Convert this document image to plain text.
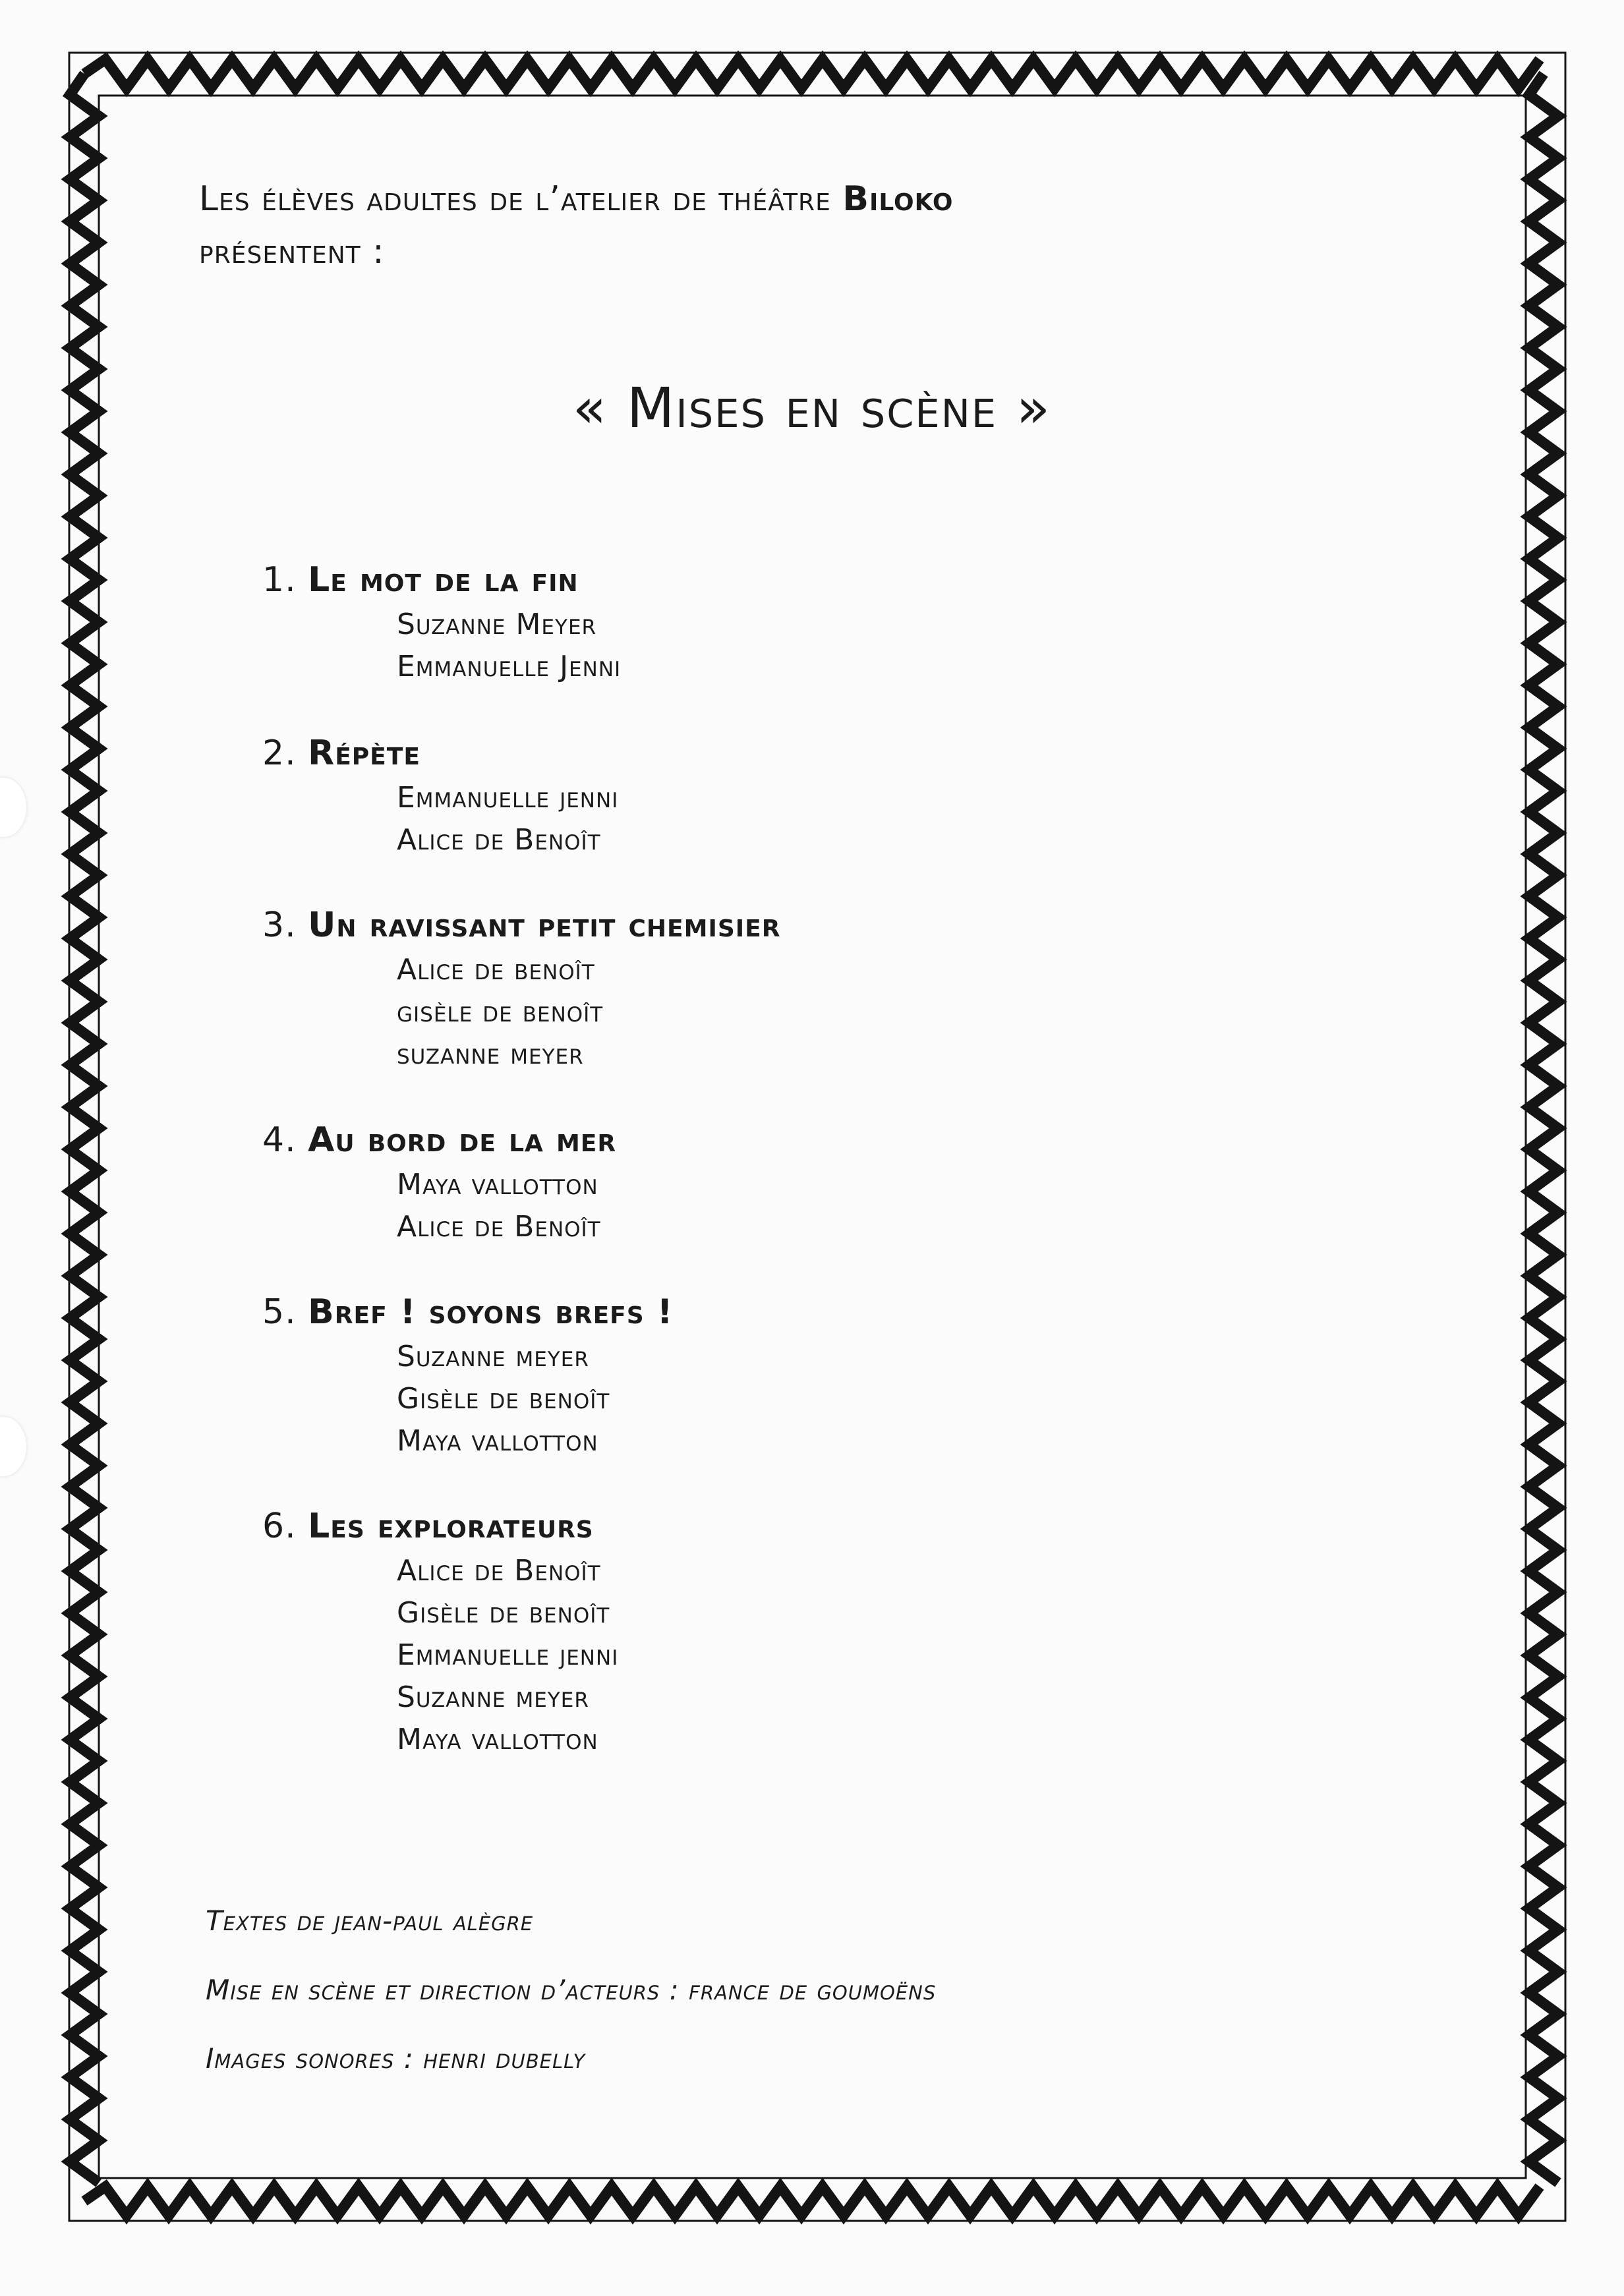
Les élèves adultes de l’atelier de théâtre Biloko
présentent :
« Mises en scène »
1. Le mot de la fin
Suzanne Meyer
Emmanuelle Jenni
2. Répète
Emmanuelle jenni
Alice de Benoît
3. Un ravissant petit chemisier
Alice de benoît
gisèle de benoît
suzanne meyer
4. Au bord de la mer
Maya vallotton
Alice de Benoît
5. Bref ! soyons brefs !
Suzanne meyer
Gisèle de benoît
Maya vallotton
6. Les explorateurs
Alice de Benoît
Gisèle de benoît
Emmanuelle jenni
Suzanne meyer
Maya vallotton
Textes de jean-paul alègre
Mise en scène et direction d’acteurs : france de goumoëns
Images sonores : henri dubelly
